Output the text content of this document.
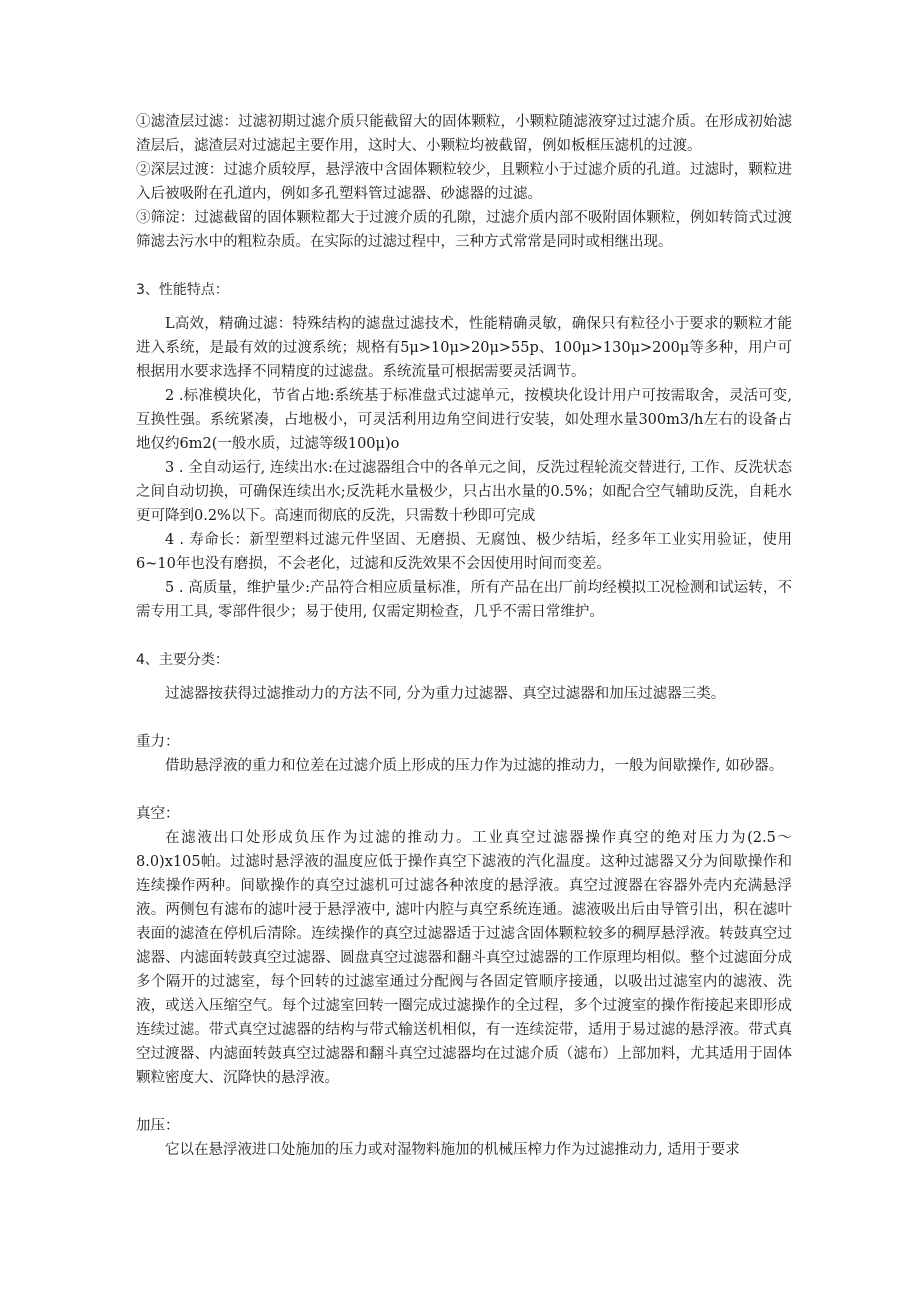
①滤渣层过滤：过滤初期过滤介质只能截留大的固体颗粒，小颗粒随滤液穿过过滤介质。在形成初始滤渣层后，滤渣层对过滤起主要作用，这时大、小颗粒均被截留，例如板框压滤机的过渡。

②深层过渡：过滤介质较厚，悬浮液中含固体颗粒较少，且颗粒小于过滤介质的孔道。过滤时，颗粒进入后被吸附在孔道内，例如多孔塑料管过滤器、砂滤器的过滤。

③筛淀：过滤截留的固体颗粒都大于过渡介质的孔隙，过滤介质内部不吸附固体颗粒，例如转筒式过渡筛滤去污水中的粗粒杂质。在实际的过滤过程中，三种方式常常是同时或相继出现。

3、性能特点：

L高效，精确过滤：特殊结构的滤盘过滤技术，性能精确灵敏，确保只有粒径小于要求的颗粒才能进入系统，是最有效的过渡系统；规格有5μ>10μ>20μ>55p、100μ>130μ>200μ等多种，用户可根据用水要求选择不同精度的过滤盘。系统流量可根据需要灵活调节。

2 .标准模块化，节省占地:系统基于标准盘式过滤单元，按模块化设计用户可按需取舍，灵活可变, 互换性强。系统紧凑，占地极小，可灵活利用边角空间进行安装，如处理水量300m3∕h左右的设备占地仅约6m2(一般水质，过滤等级100μ)o

3 . 全自动运行, 连续出水:在过滤器组合中的各单元之间，反洗过程轮流交替进行, 工作、反洗状态之间自动切换，可确保连续出水;反洗耗水量极少，只占出水量的0.5%；如配合空气辅助反洗，自耗水更可降到0.2%以下。高速而彻底的反洗，只需数十秒即可完成

4 . 寿命长：新型塑料过滤元件坚固、无磨损、无腐蚀、极少结垢，经多年工业实用验证，使用6~10年也没有磨损，不会老化，过滤和反洗效果不会因使用时间而变差。

5 . 高质量，维护量少:产品符合相应质量标准，所有产品在出厂前均经模拟工况检测和试运转，不需专用工具, 零部件很少；易于使用, 仅需定期检查，几乎不需日常维护。

4、主要分类：

过滤器按获得过滤推动力的方法不同, 分为重力过滤器、真空过滤器和加压过滤器三类。

重力：

借助悬浮液的重力和位差在过滤介质上形成的压力作为过滤的推动力，一般为间歇操作, 如砂器。

真空：

在滤液出口处形成负压作为过滤的推动力。工业真空过滤器操作真空的绝对压力为(2.5～8.0)x105帕。过滤时悬浮液的温度应低于操作真空下滤液的汽化温度。这种过滤器又分为间歇操作和连续操作两种。间歇操作的真空过滤机可过滤各种浓度的悬浮液。真空过渡器在容器外壳内充满悬浮液。两侧包有滤布的滤叶浸于悬浮液中, 滤叶内腔与真空系统连通。滤液吸出后由导管引出，积在滤叶表面的滤渣在停机后清除。连续操作的真空过滤器适于过滤含固体颗粒较多的稠厚悬浮液。转鼓真空过滤器、内滤面转鼓真空过滤器、圆盘真空过滤器和翻斗真空过滤器的工作原理均相似。整个过滤面分成多个隔开的过滤室，每个回转的过滤室通过分配阀与各固定管顺序接通，以吸出过滤室内的滤液、洗液，或送入压缩空气。每个过滤室回转一圈完成过滤操作的全过程，多个过渡室的操作衔接起来即形成连续过滤。带式真空过滤器的结构与带式输送机相似，有一连续淀带，适用于易过滤的悬浮液。带式真空过渡器、内滤面转鼓真空过滤器和翻斗真空过滤器均在过滤介质（滤布）上部加料，尤其适用于固体颗粒密度大、沉降快的悬浮液。

加压：

它以在悬浮液进口处施加的压力或对湿物料施加的机械压榨力作为过滤推动力, 适用于要求
